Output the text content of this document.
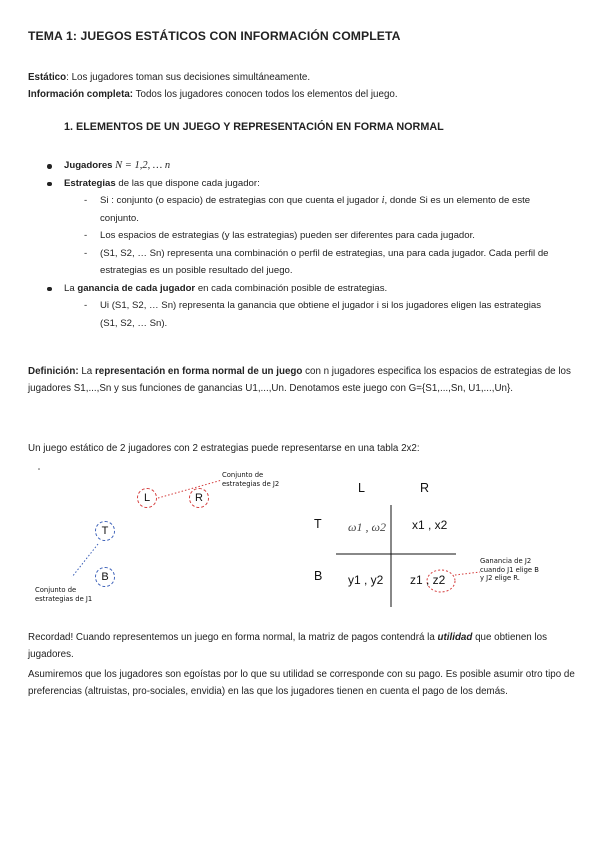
TEMA 1: JUEGOS ESTÁTICOS CON INFORMACIÓN COMPLETA
Estático: Los jugadores toman sus decisiones simultáneamente.
Información completa: Todos los jugadores conocen todos los elementos del juego.
1. ELEMENTOS DE UN JUEGO Y REPRESENTACIÓN EN FORMA NORMAL
Jugadores N = 1,2, … n
Estrategias de las que dispone cada jugador:
- Si : conjunto (o espacio) de estrategias con que cuenta el jugador i, donde Si es un elemento de este conjunto.
- Los espacios de estrategias (y las estrategias) pueden ser diferentes para cada jugador.
- (S1, S2, … Sn) representa una combinación o perfil de estrategias, una para cada jugador. Cada perfil de estrategias es un posible resultado del juego.
La ganancia de cada jugador en cada combinación posible de estrategias.
- Ui (S1, S2, … Sn) representa la ganancia que obtiene el jugador i si los jugadores eligen las estrategias (S1, S2, … Sn).
Definición: La representación en forma normal de un juego con n jugadores especifica los espacios de estrategias de los jugadores S1,...,Sn y sus funciones de ganancias U1,...,Un. Denotamos este juego con G={S1,...,Sn, U1,...,Un}.
Un juego estático de 2 jugadores con 2 estrategias puede representarse en una tabla 2x2:
Conjunto de
estrategias de J2
Conjunto de
estrategias de J1
Ganancia de J2
cuando J1 elige B
y J2 elige R.
L	R
T
B
L	R
T
B
ω1 , ω2 x1 , x2
y1 , y2 z1 , z2
Recordad! Cuando representemos un juego en forma normal, la matriz de pagos contendrá la utilidad que obtienen los jugadores.
Asumiremos que los jugadores son egoístas por lo que su utilidad se corresponde con su pago. Es posible asumir otro tipo de preferencias (altruistas, pro-sociales, envidia) en las que los jugadores tienen en cuenta el pago de los demás.
